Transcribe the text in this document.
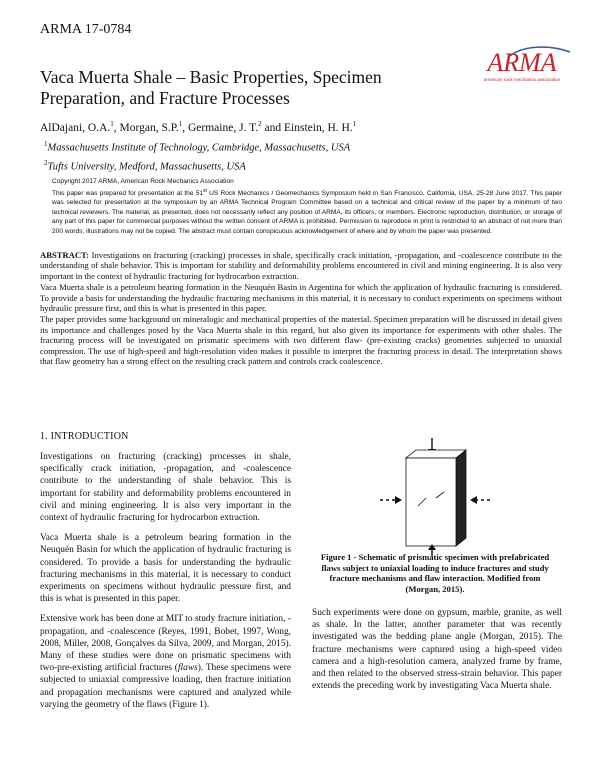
ARMA 17-0784
ARMA
american rock mechanics association
Vaca Muerta Shale – Basic Properties, Specimen
Preparation, and Fracture Processes
AlDajani, O.A.$^1$, Morgan, S.P.$^1$, Germaine, J. T.$^2$ and Einstein, H. H.$^1$
$^1$Massachusetts Institute of Technology, Cambridge, Massachusetts, USA
$^2$Tufts University, Medford, Massachusetts, USA
Copyright 2017 ARMA, American Rock Mechanics Association
This paper was prepared for presentation at the 51st US Rock Mechanics / Geomechanics Symposium held in San Francisco, California, USA, 25-28 June 2017. This paper was selected for presentation at the symposium by an ARMA Technical Program Committee based on a technical and critical review of the paper by a minimum of two technical reviewers. The material, as presented, does not necessarily reflect any position of ARMA, its officers, or members. Electronic reproduction, distribution, or storage of any part of this paper for commercial purposes without the written consent of ARMA is prohibited. Permission to reproduce in print is restricted to an abstract of not more than 200 words; illustrations may not be copied. The abstract must contain conspicuous acknowledgement of where and by whom the paper was presented.

ABSTRACT: Investigations on fracturing (cracking) processes in shale, specifically crack initiation, -propagation, and -coalescence contribute to the understanding of shale behavior. This is important for stability and deformability problems encountered in civil and mining engineering. It is also very important in the context of hydraulic fracturing for hydrocarbon extraction.

Vaca Muerta shale is a petroleum bearing formation in the Neuquén Basin in Argentina for which the application of hydraulic fracturing is considered. To provide a basis for understanding the hydraulic fracturing mechanisms in this material, it is necessary to conduct experiments on specimens without hydraulic pressure first, and this is what is presented in this paper.

The paper provides some background on mineralogic and mechanical properties of the material. Specimen preparation will be discussed in detail given its importance and challenges posed by the Vaca Muerta shale in this regard, but also given its importance for experiments with other shales. The fracturing process will be investigated on prismatic specimens with two different flaw- (pre-existing cracks) geometries subjected to uniaxial compression. The use of high-speed and high-resolution video makes it possible to interpret the fracturing process in detail. The interpretation shows that flaw geometry has a strong effect on the resulting crack pattern and controls crack coalescence.

1. INTRODUCTION

Investigations on fracturing (cracking) processes in shale, specifically crack initiation, -propagation, and -coalescence contribute to the understanding of shale behavior. This is important for stability and deformability problems encountered in civil and mining engineering. It is also very important in the context of hydraulic fracturing for hydrocarbon extraction.

Vaca Muerta shale is a petroleum bearing formation in the Neuquén Basin for which the application of hydraulic fracturing is considered. To provide a basis for understanding the hydraulic fracturing mechanisms in this material, it is necessary to conduct experiments on specimens without hydraulic pressure first, and this is what is presented in this paper.

Extensive work has been done at MIT to study fracture initiation, -propagation, and -coalescence (Reyes, 1991, Bobet, 1997, Wong, 2008, Miller, 2008, Gonçalves da Silva, 2009, and Morgan, 2015). Many of these studies were done on prismatic specimens with two-pre-existing artificial fractures (flaws). These specimens were subjected to uniaxial compressive loading, then fracture initiation and propagation mechanisms were captured and analyzed while varying the geometry of the flaws (Figure 1).

Figure 1 - Schematic of prismatic specimen with prefabricated flaws subject to uniaxial loading to induce fractures and study fracture mechanisms and flaw interaction. Modified from (Morgan, 2015).

Such experiments were done on gypsum, marble, granite, as well as shale. In the latter, another parameter that was recently investigated was the bedding plane angle (Morgan, 2015). The fracture mechanisms were captured using a high-speed video camera and a high-resolution camera, analyzed frame by frame, and then related to the observed stress-strain behavior. This paper extends the preceding work by investigating Vaca Muerta shale.
